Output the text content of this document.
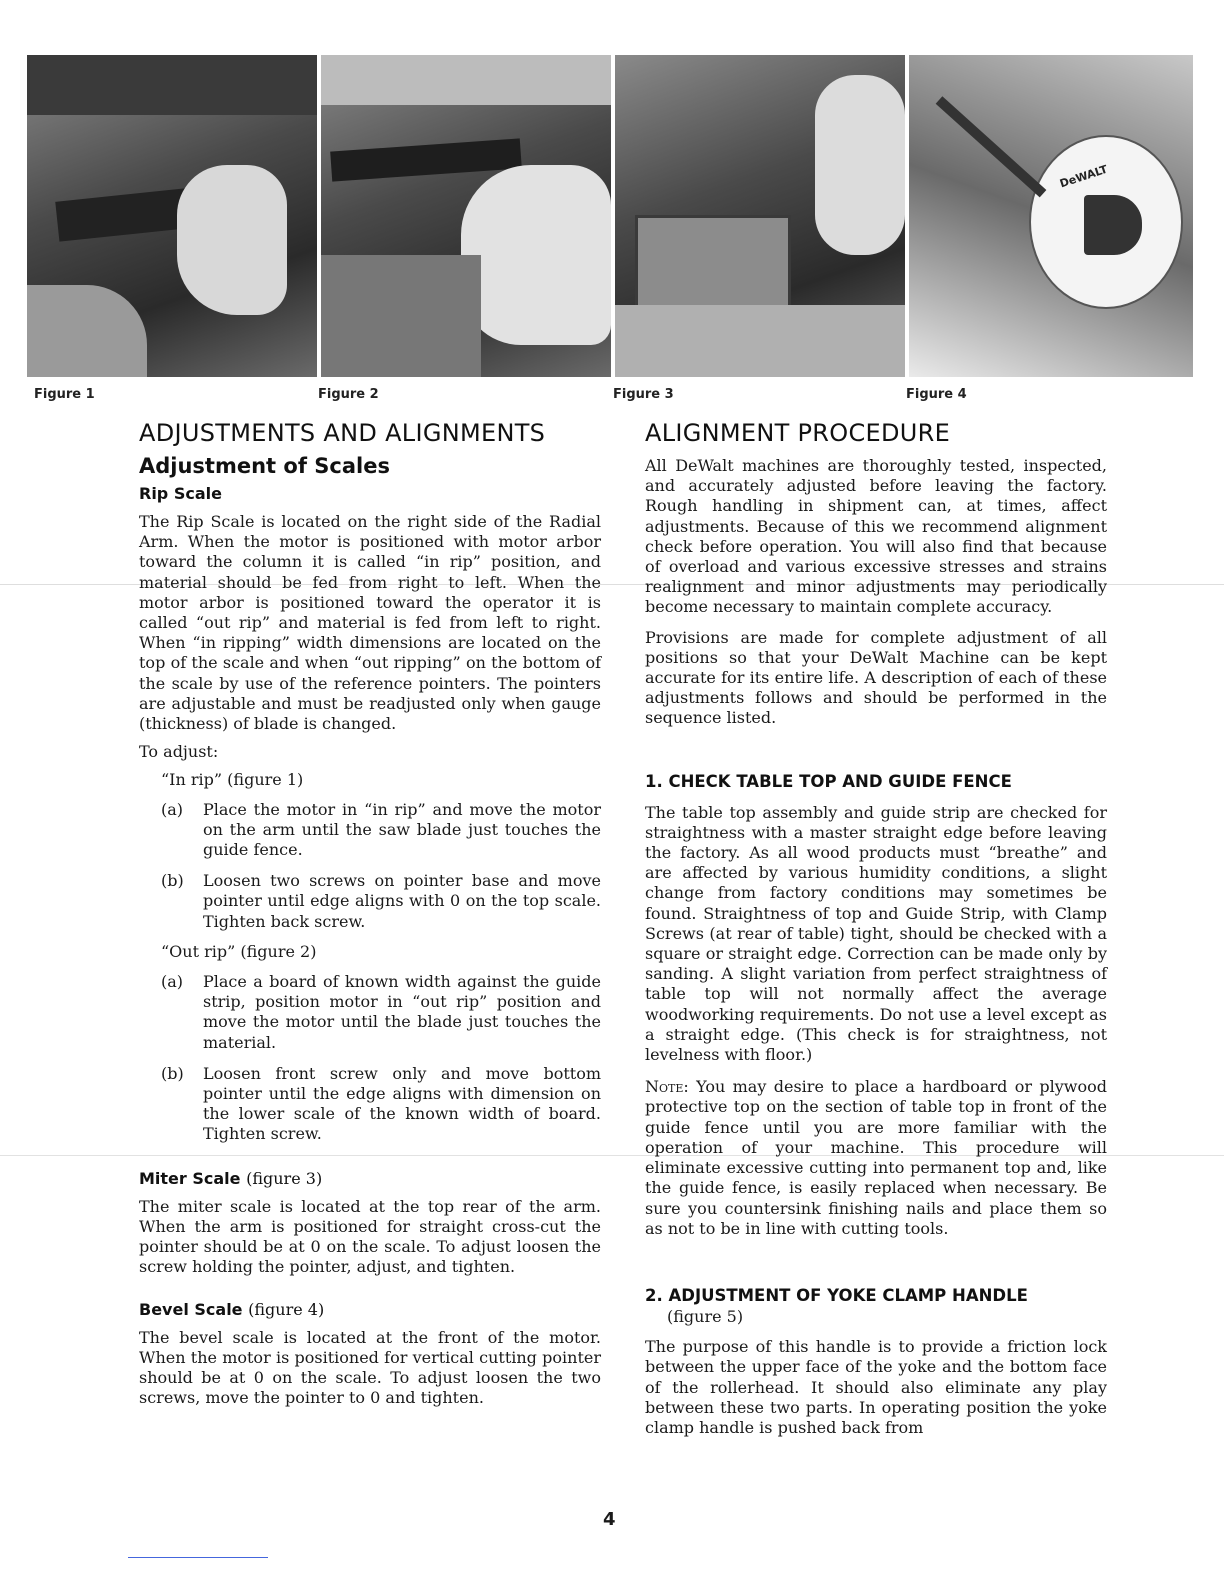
DeWALT
Figure 1	Figure 2	Figure 3	Figure 4
ADJUSTMENTS AND ALIGNMENTS
Adjustment of Scales
Rip Scale

The Rip Scale is located on the right side of the Radial Arm. When the motor is positioned with motor arbor toward the column it is called “in rip” position, and material should be fed from right to left. When the motor arbor is positioned toward the operator it is called “out rip” and material is fed from left to right. When “in ripping” width dimensions are located on the top of the scale and when “out ripping” on the bottom of the scale by use of the reference pointers. The pointers are adjustable and must be readjusted only when gauge (thickness) of blade is changed.

To adjust:

“In rip” (figure 1)

(a)	Place the motor in “in rip” and move the motor on the arm until the saw blade just touches the guide fence.
(b)	Loosen two screws on pointer base and move pointer until edge aligns with 0 on the top scale. Tighten back screw.

“Out rip” (figure 2)

(a)	Place a board of known width against the guide strip, position motor in “out rip” position and move the motor until the blade just touches the material.
(b)	Loosen front screw only and move bottom pointer until the edge aligns with dimension on the lower scale of the known width of board. Tighten screw.
Miter Scale (figure 3)

The miter scale is located at the top rear of the arm. When the arm is positioned for straight cross-cut the pointer should be at 0 on the scale. To adjust loosen the screw holding the pointer, adjust, and tighten.

Bevel Scale (figure 4)

The bevel scale is located at the front of the motor. When the motor is positioned for vertical cutting pointer should be at 0 on the scale. To adjust loosen the two screws, move the pointer to 0 and tighten.

ALIGNMENT PROCEDURE

All DeWalt machines are thoroughly tested, inspected, and accurately adjusted before leaving the factory. Rough handling in shipment can, at times, affect adjustments. Because of this we recommend alignment check before operation. You will also find that because of overload and various excessive stresses and strains realignment and minor adjustments may periodically become necessary to maintain complete accuracy.

Provisions are made for complete adjustment of all positions so that your DeWalt Machine can be kept accurate for its entire life. A description of each of these adjustments follows and should be performed in the sequence listed.

1. CHECK TABLE TOP AND GUIDE FENCE

The table top assembly and guide strip are checked for straightness with a master straight edge before leaving the factory. As all wood products must “breathe” and are affected by various humidity conditions, a slight change from factory conditions may sometimes be found. Straightness of top and Guide Strip, with Clamp Screws (at rear of table) tight, should be checked with a square or straight edge. Correction can be made only by sanding. A slight variation from perfect straightness of table top will not normally affect the average woodworking requirements. Do not use a level except as a straight edge. (This check is for straightness, not levelness with floor.)

Note: You may desire to place a hardboard or plywood protective top on the section of table top in front of the guide fence until you are more familiar with the operation of your machine. This procedure will eliminate excessive cutting into permanent top and, like the guide fence, is easily replaced when necessary. Be sure you countersink finishing nails and place them so as not to be in line with cutting tools.

2. ADJUSTMENT OF YOKE CLAMP HANDLE

(figure 5)

The purpose of this handle is to provide a friction lock between the upper face of the yoke and the bottom face of the rollerhead. It should also eliminate any play between these two parts. In operating position the yoke clamp handle is pushed back from

4
